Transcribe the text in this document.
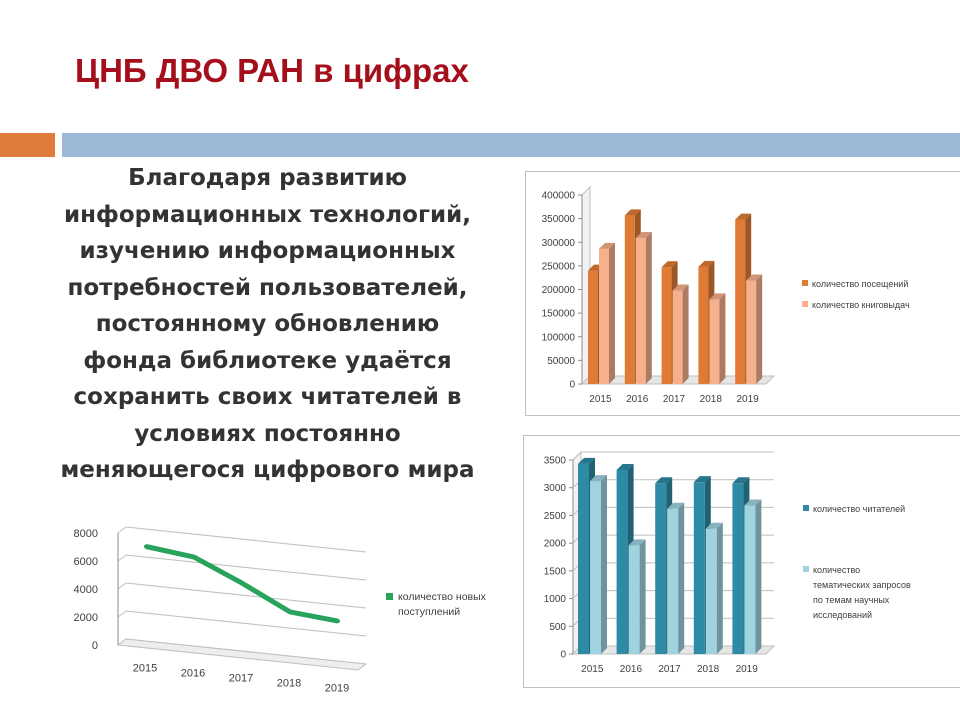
ЦНБ ДВО РАН в цифрах
Благодаря развитию
информационных технологий,
изучению информационных
потребностей пользователей,
постоянному обновлению
фонда библиотеке удаётся
сохранить своих читателей в
условиях постоянно
меняющегося цифрового мира
0
50000
100000
150000
200000
250000
300000
350000
400000
2015 2016 2017 2018 2019
количество посещений
количество книговыдач
0
500
1000
1500
2000
2500
3000
3500
2015 2016 2017 2018 2019
количество читателей
количество
тематических запросов
по темам научных
исследований
0
2000
4000
6000
8000
2015 2016 2017 2018 2019
количество новых
поступлений
